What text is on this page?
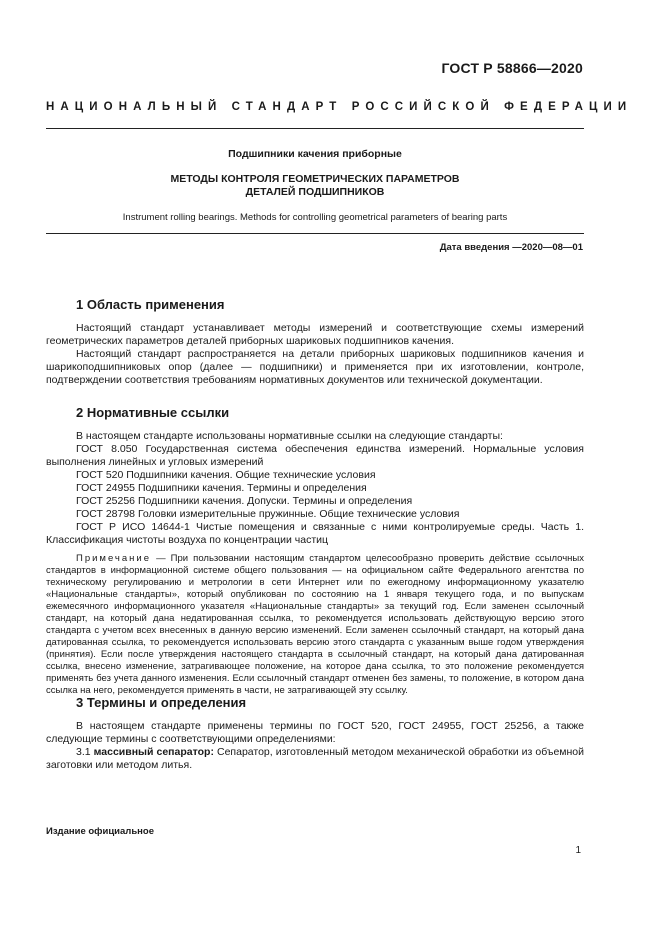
ГОСТ Р 58866—2020
НАЦИОНАЛЬНЫЙ СТАНДАРТ РОССИЙСКОЙ ФЕДЕРАЦИИ
Подшипники качения приборные
МЕТОДЫ КОНТРОЛЯ ГЕОМЕТРИЧЕСКИХ ПАРАМЕТРОВ
ДЕТАЛЕЙ ПОДШИПНИКОВ
Instrument rolling bearings. Methods for controlling geometrical parameters of bearing parts
Дата введения —2020—08—01
1 Область применения

Настоящий стандарт устанавливает методы измерений и соответствующие схемы измерений геометрических параметров деталей приборных шариковых подшипников качения.

Настоящий стандарт распространяется на детали приборных шариковых подшипников качения и шарикоподшипниковых опор (далее — подшипники) и применяется при их изготовлении, контроле, подтверждении соответствия требованиям нормативных документов или технической документации.

2 Нормативные ссылки

В настоящем стандарте использованы нормативные ссылки на следующие стандарты:

ГОСТ 8.050 Государственная система обеспечения единства измерений. Нормальные условия выполнения линейных и угловых измерений

ГОСТ 520 Подшипники качения. Общие технические условия

ГОСТ 24955 Подшипники качения. Термины и определения

ГОСТ 25256 Подшипники качения. Допуски. Термины и определения

ГОСТ 28798 Головки измерительные пружинные. Общие технические условия

ГОСТ Р ИСО 14644-1 Чистые помещения и связанные с ними контролируемые среды. Часть 1. Классификация чистоты воздуха по концентрации частиц

Примечание — При пользовании настоящим стандартом целесообразно проверить действие ссылочных стандартов в информационной системе общего пользования — на официальном сайте Федерального агентства по техническому регулированию и метрологии в сети Интернет или по ежегодному информационному указателю «Национальные стандарты», который опубликован по состоянию на 1 января текущего года, и по выпускам ежемесячного информационного указателя «Национальные стандарты» за текущий год. Если заменен ссылочный стандарт, на который дана недатированная ссылка, то рекомендуется использовать действующую версию этого стандарта с учетом всех внесенных в данную версию изменений. Если заменен ссылочный стандарт, на который дана датированная ссылка, то рекомендуется использовать версию этого стандарта с указанным выше годом утверждения (принятия). Если после утверждения настоящего стандарта в ссылочный стандарт, на который дана датированная ссылка, внесено изменение, затрагивающее положение, на которое дана ссылка, то это положение рекомендуется применять без учета данного изменения. Если ссылочный стандарт отменен без замены, то положение, в котором дана ссылка на него, рекомендуется применять в части, не затрагивающей эту ссылку.

3 Термины и определения

В настоящем стандарте применены термины по ГОСТ 520, ГОСТ 24955, ГОСТ 25256, а также следующие термины с соответствующими определениями:

3.1 массивный сепаратор: Сепаратор, изготовленный методом механической обработки из объемной заготовки или методом литья.

Издание официальное
1
